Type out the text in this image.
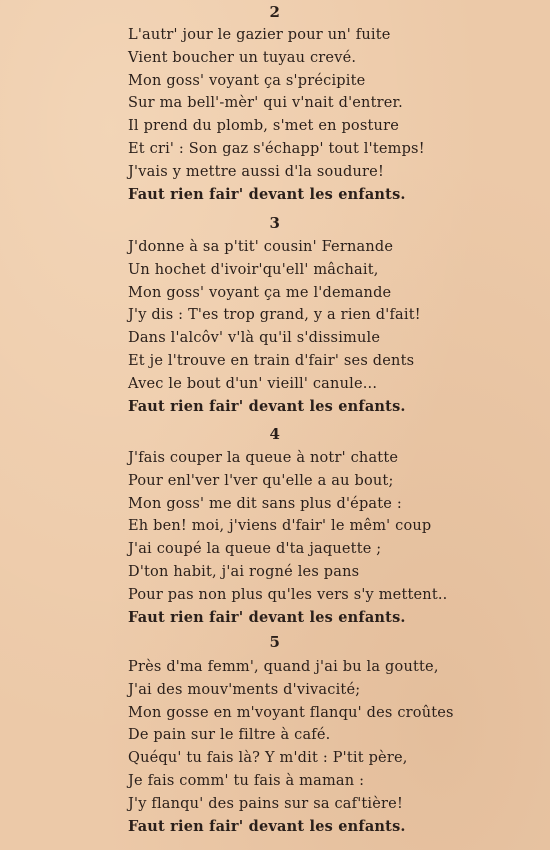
2
L'autr' jour le gazier pour un' fuite
Vient boucher un tuyau crevé.
Mon goss' voyant ça s'précipite
Sur ma bell'-mèr' qui v'nait d'entrer.
Il prend du plomb, s'met en posture
Et cri' : Son gaz s'échapp' tout l'temps!
J'vais y mettre aussi d'la soudure!
Faut rien fair' devant les enfants.
3
J'donne à sa p'tit' cousin' Fernande
Un hochet d'ivoir'qu'ell' mâchait,
Mon goss' voyant ça me l'demande
J'y dis : T'es trop grand, y a rien d'fait!
Dans l'alcôv' v'là qu'il s'dissimule
Et je l'trouve en train d'fair' ses dents
Avec le bout d'un' vieill' canule...
Faut rien fair' devant les enfants.
4
J'fais couper la queue à notr' chatte
Pour enl'ver l'ver qu'elle a au bout;
Mon goss' me dit sans plus d'épate :
Eh ben! moi, j'viens d'fair' le mêm' coup
J'ai coupé la queue d'ta jaquette ;
D'ton habit, j'ai rogné les pans
Pour pas non plus qu'les vers s'y mettent..
Faut rien fair' devant les enfants.
5
Près d'ma femm', quand j'ai bu la goutte,
J'ai des mouv'ments d'vivacité;
Mon gosse en m'voyant flanqu' des croûtes
De pain sur le filtre à café.
Quéqu' tu fais là? Y m'dit : P'tit père,
Je fais comm' tu fais à maman :
J'y flanqu' des pains sur sa caf'tière!
Faut rien fair' devant les enfants.
